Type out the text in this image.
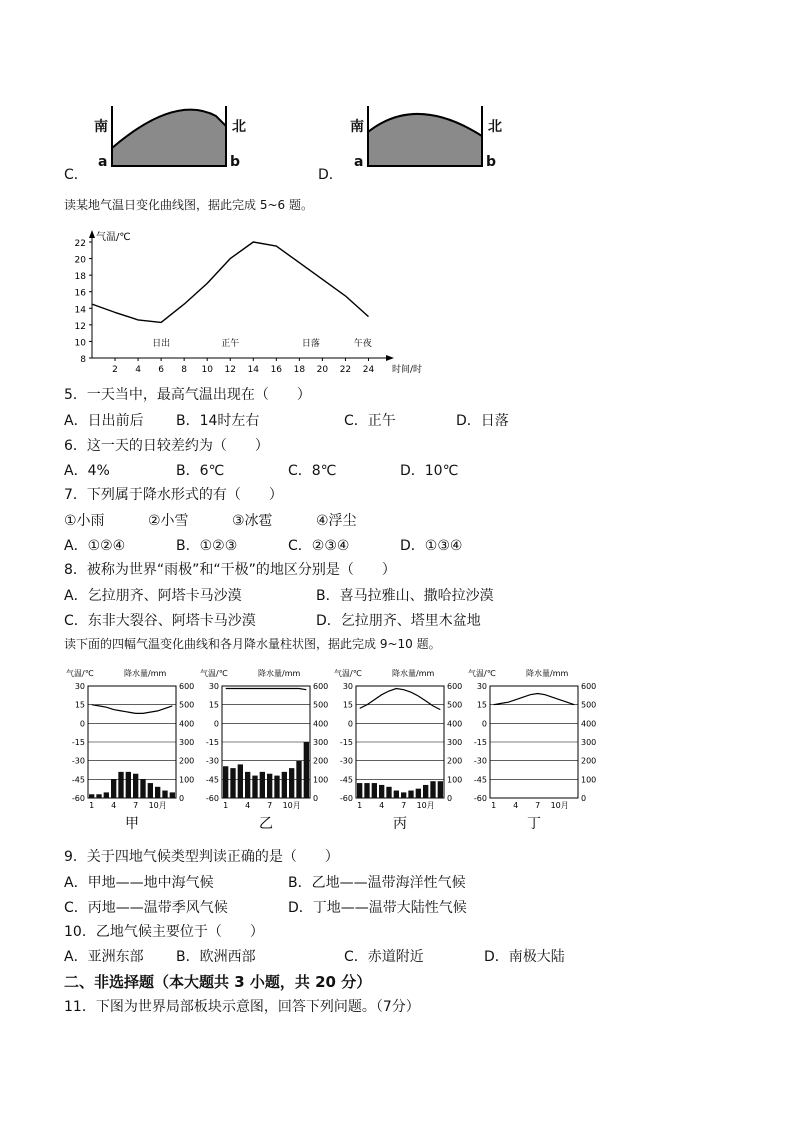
南	北
a	b
C．
南	北
a	b
D．
读某地气温日变化曲线图，据此完成 5~6 题。
8
10
12
14
16
18
20
22
2 4 6 8 10 12 14 16 18 20 22 24
气温/℃
时间/时
日出	正午	日落	午夜
5．一天当中，最高气温出现在（　　）
A．日出前后 B．14时左右	C．正午	D．日落
6．这一天的日较差约为（　　）
A．4%	B．6℃	C．8℃	D．10℃
7．下列属于降水形式的有（　　）
①小雨	②小雪	③冰雹	④浮尘
A．①②④	B．①②③	C．②③④	D．①③④
8．被称为世界“雨极”和“干极”的地区分别是（　　）
A．乞拉朋齐、阿塔卡马沙漠	B．喜马拉雅山、撒哈拉沙漠
C．东非大裂谷、阿塔卡马沙漠	D．乞拉朋齐、塔里木盆地
读下面的四幅气温变化曲线和各月降水量柱状图，据此完成 9~10 题。
气温/℃	降水量/mm
30	600
15	500
0	400
-15	300
-30	200
-45	100
-60	0
1 4 7 10月
甲
气温/℃	降水量/mm
30	600
15	500
0	400
-15	300
-30	200
-45	100
-60	0
1 4 7 10月
乙
气温/℃	降水量/mm
30	600
15	500
0	400
-15	300
-30	200
-45	100
-60	0
1 4 7 10月
丙
气温/℃	降水量/mm
30	600
15	500
0	400
-15	300
-30	200
-45	100
-60	0
1 4 7 10月
丁
9．关于四地气候类型判读正确的是（　　）
A．甲地——地中海气候	B．乙地——温带海洋性气候
C．丙地——温带季风气候	D．丁地——温带大陆性气候
10．乙地气候主要位于（　　）
A．亚洲东部 B．欧洲西部	C．赤道附近	D．南极大陆
二、非选择题（本大题共 3 小题，共 20 分）
11．下图为世界局部板块示意图，回答下列问题。（7分）
